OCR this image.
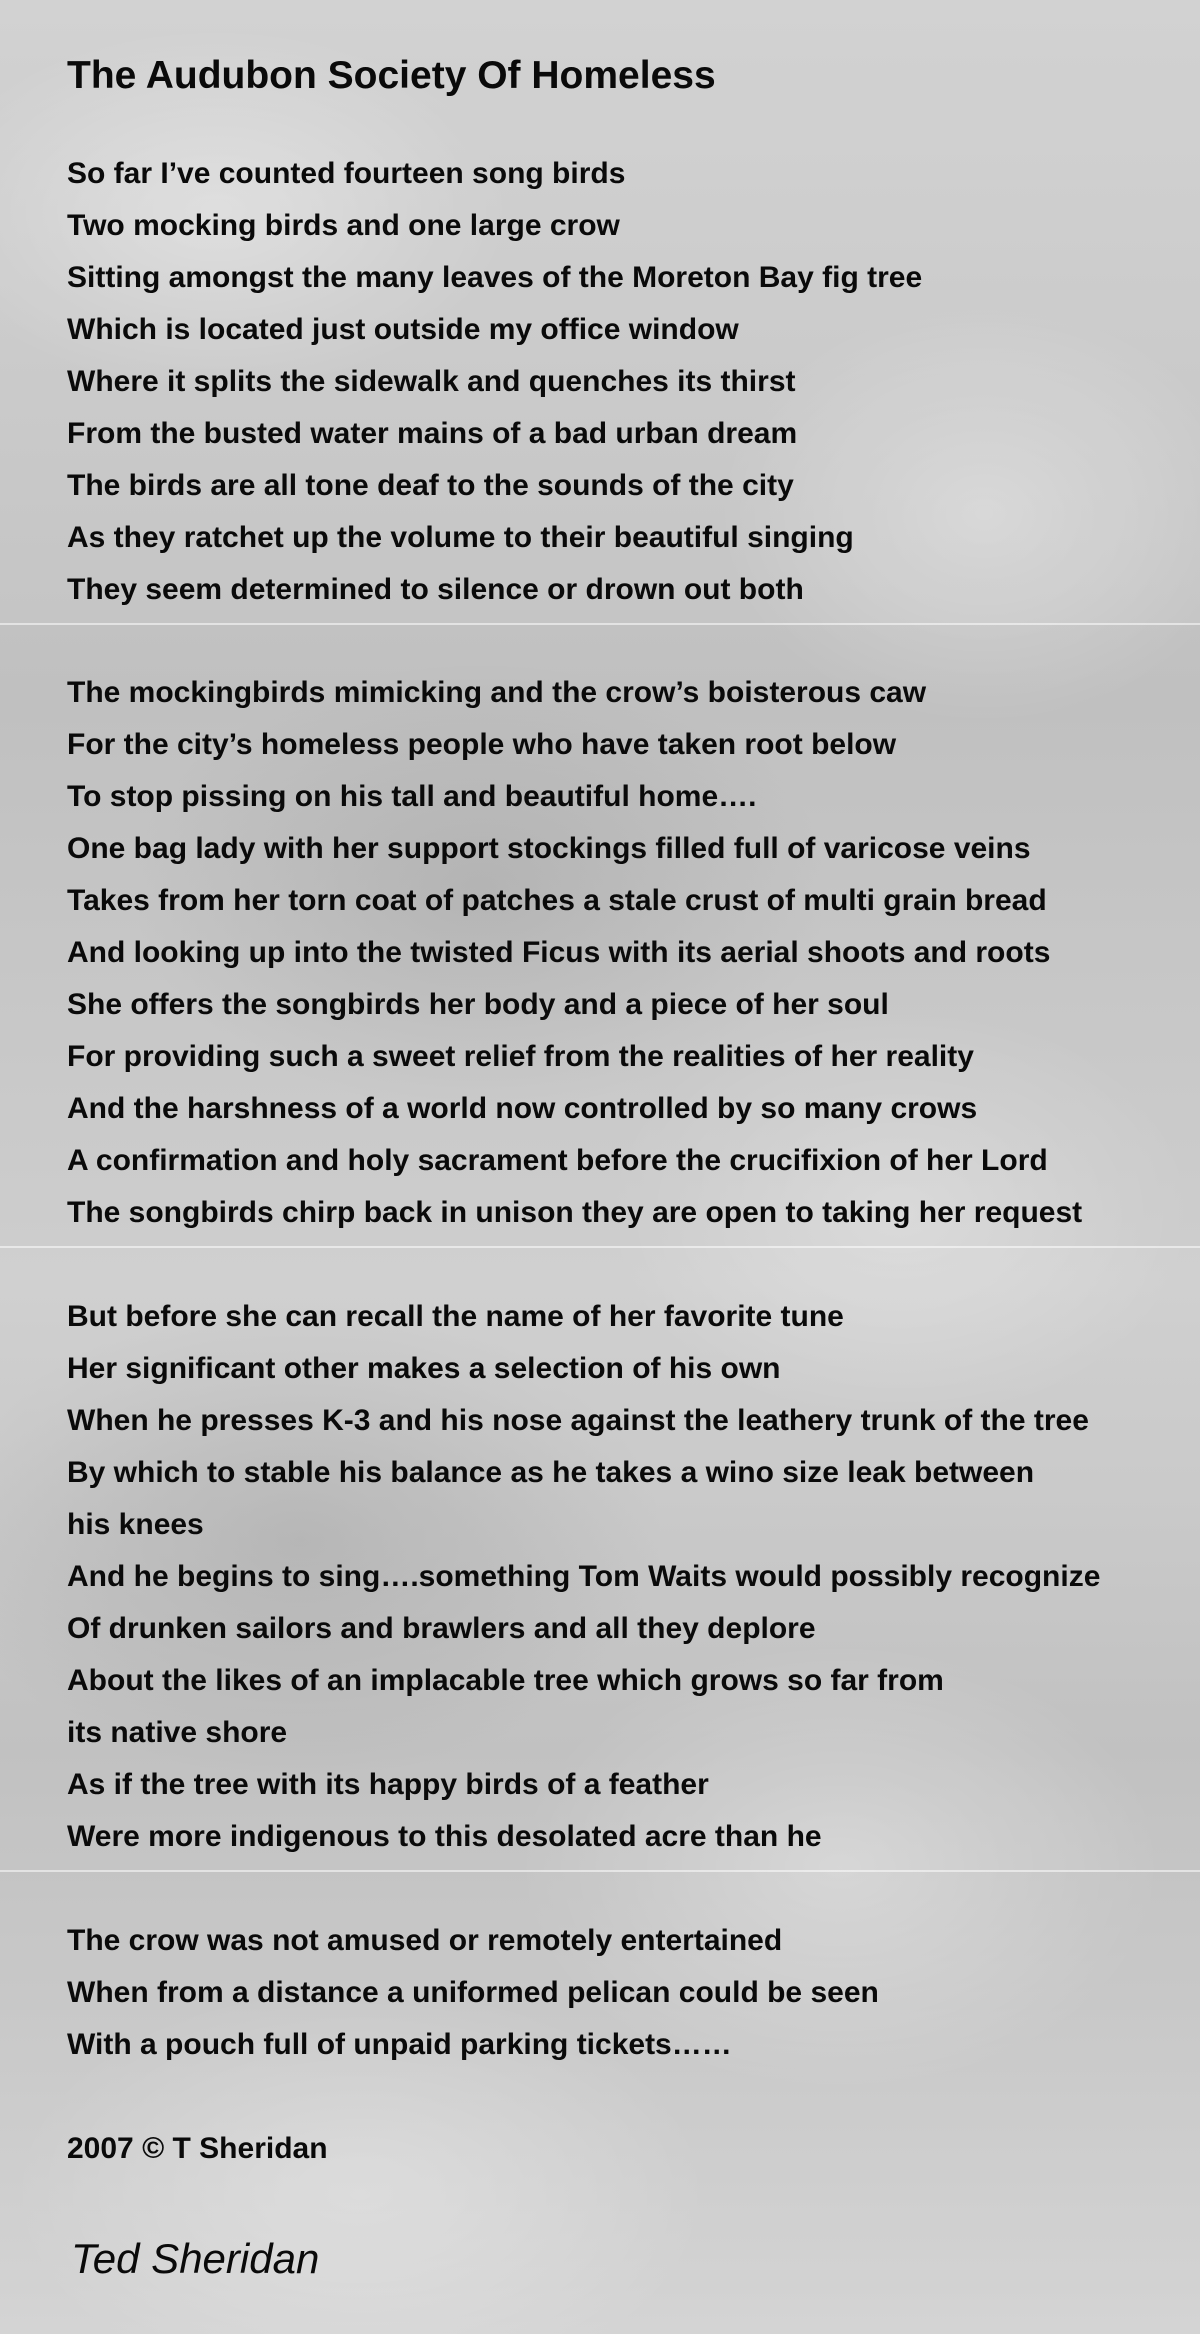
The Audubon Society Of Homeless
So far I’ve counted fourteen song birds
Two mocking birds and one large crow
Sitting amongst the many leaves of the Moreton Bay fig tree
Which is located just outside my office window
Where it splits the sidewalk and quenches its thirst
From the busted water mains of a bad urban dream
The birds are all tone deaf to the sounds of the city
As they ratchet up the volume to their beautiful singing
They seem determined to silence or drown out both
The mockingbirds mimicking and the crow’s boisterous caw
For the city’s homeless people who have taken root below
To stop pissing on his tall and beautiful home….
One bag lady with her support stockings filled full of varicose veins
Takes from her torn coat of patches a stale crust of multi grain bread
And looking up into the twisted Ficus with its aerial shoots and roots
She offers the songbirds her body and a piece of her soul
For providing such a sweet relief from the realities of her reality
And the harshness of a world now controlled by so many crows
A confirmation and holy sacrament before the crucifixion of her Lord
The songbirds chirp back in unison they are open to taking her request
But before she can recall the name of her favorite tune
Her significant other makes a selection of his own
When he presses K-3 and his nose against the leathery trunk of the tree
By which to stable his balance as he takes a wino size leak between
his knees
And he begins to sing….something Tom Waits would possibly recognize
Of drunken sailors and brawlers and all they deplore
About the likes of an implacable tree which grows so far from
its native shore
As if the tree with its happy birds of a feather
Were more indigenous to this desolated acre than he
The crow was not amused or remotely entertained
When from a distance a uniformed pelican could be seen
With a pouch full of unpaid parking tickets……
2007 © T Sheridan
Ted Sheridan
